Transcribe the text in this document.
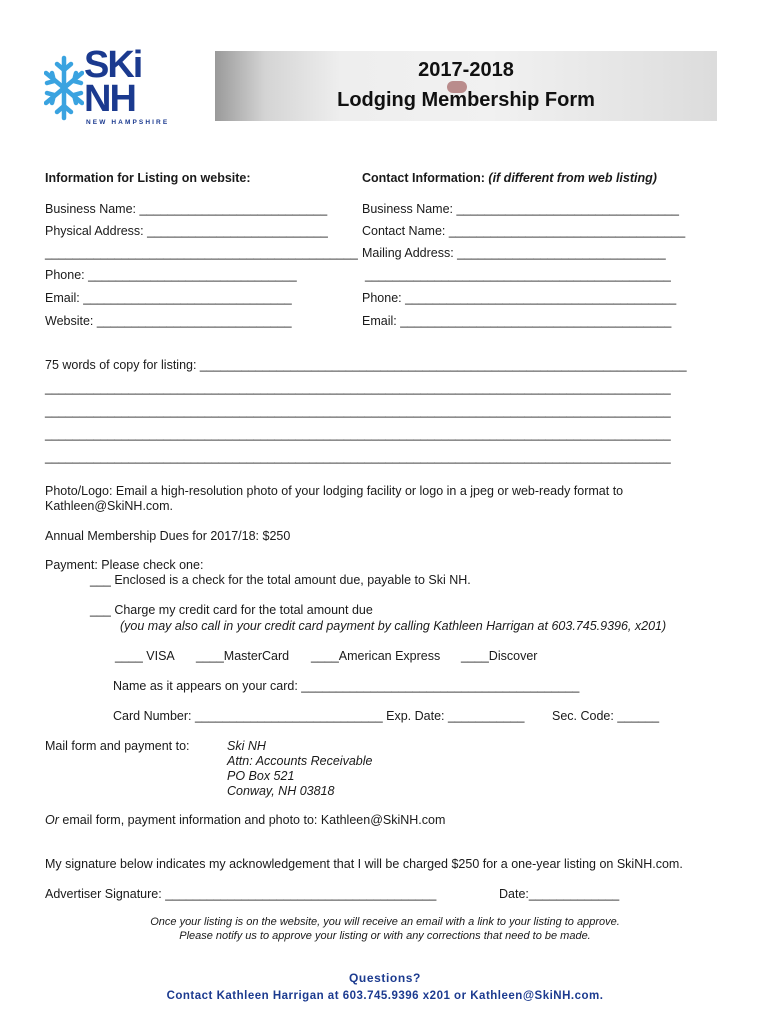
SKi
NH
NEW HAMPSHIRE
2017-2018
Lodging Membership Form
Information for Listing on website:
Business Name: ___________________________
Physical Address: __________________________
_____________________________________________
Phone: ______________________________
Email: ______________________________
Website: ____________________________
Contact Information: (if different from web listing)
Business Name: ________________________________
Contact Name: __________________________________
Mailing Address: ______________________________
____________________________________________
Phone: _______________________________________
Email: _______________________________________
75 words of copy for listing: ______________________________________________________________________
__________________________________________________________________________________________
__________________________________________________________________________________________
__________________________________________________________________________________________
__________________________________________________________________________________________
Photo/Logo: Email a high-resolution photo of your lodging facility or logo in a jpeg or web-ready format to
Kathleen@SkiNH.com.
Annual Membership Dues for 2017/18: $250
Payment: Please check one:
___ Enclosed is a check for the total amount due, payable to Ski NH.
___ Charge my credit card for the total amount due
(you may also call in your credit card payment by calling Kathleen Harrigan at 603.745.9396, x201)
____ VISA ____MasterCard ____American Express ____Discover
Name as it appears on your card: ________________________________________
Card Number: ___________________________ Exp. Date: ___________ Sec. Code: ______
Mail form and payment to:	Ski NH
Attn: Accounts Receivable
PO Box 521
Conway, NH 03818
Or email form, payment information and photo to: Kathleen@SkiNH.com
My signature below indicates my acknowledgement that I will be charged $250 for a one-year listing on SkiNH.com.
Advertiser Signature: _______________________________________	Date:_____________
Once your listing is on the website, you will receive an email with a link to your listing to approve.
Please notify us to approve your listing or with any corrections that need to be made.
Questions?
Contact Kathleen Harrigan at 603.745.9396 x201 or Kathleen@SkiNH.com.
